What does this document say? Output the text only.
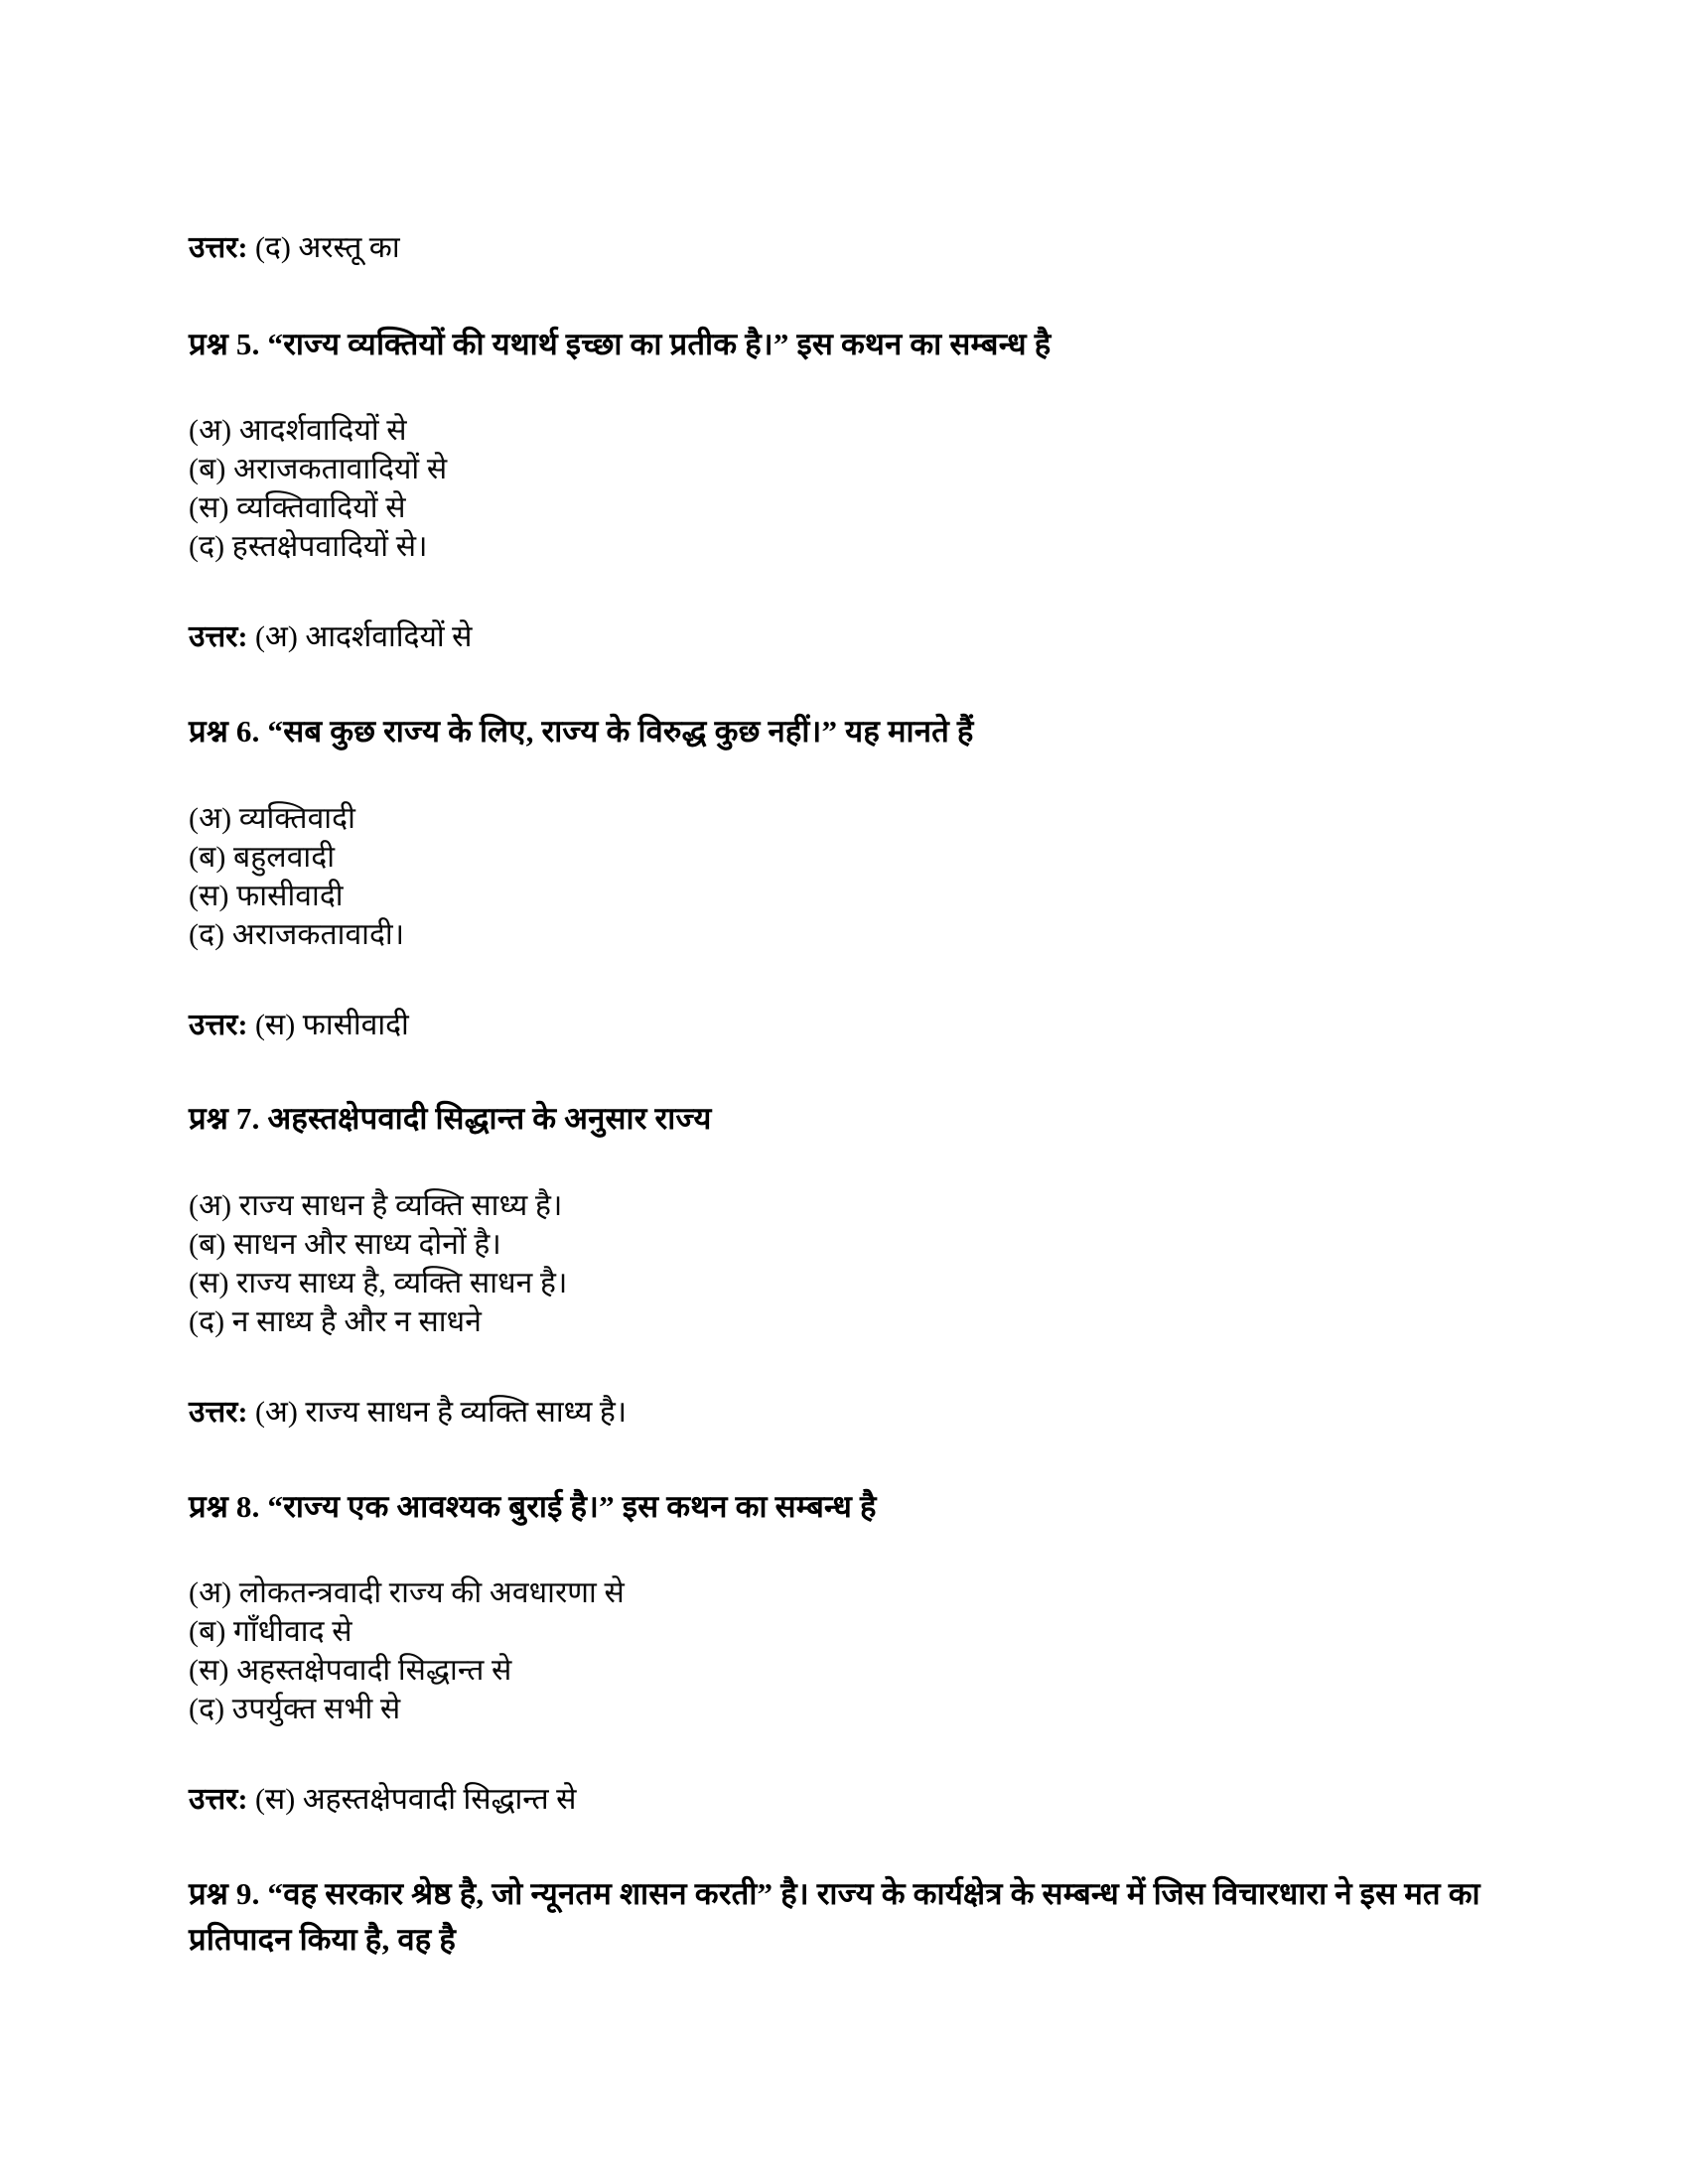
उत्तर: (द) अरस्तू का
प्रश्न 5. “राज्य व्यक्तियों की यथार्थ इच्छा का प्रतीक है।” इस कथन का सम्बन्ध है
(अ) आदर्शवादियों से
(ब) अराजकतावादियों से
(स) व्यक्तिवादियों से
(द) हस्तक्षेपवादियों से।
उत्तर: (अ) आदर्शवादियों से
प्रश्न 6. “सब कुछ राज्य के लिए, राज्य के विरुद्ध कुछ नहीं।” यह मानते हैं
(अ) व्यक्तिवादी
(ब) बहुलवादी
(स) फासीवादी
(द) अराजकतावादी।
उत्तर: (स) फासीवादी
प्रश्न 7. अहस्तक्षेपवादी सिद्धान्त के अनुसार राज्य
(अ) राज्य साधन है व्यक्ति साध्य है।
(ब) साधन और साध्य दोनों है।
(स) राज्य साध्य है, व्यक्ति साधन है।
(द) न साध्य है और न साधने
उत्तर: (अ) राज्य साधन है व्यक्ति साध्य है।
प्रश्न 8. “राज्य एक आवश्यक बुराई है।” इस कथन का सम्बन्ध है
(अ) लोकतन्त्रवादी राज्य की अवधारणा से
(ब) गाँधीवाद से
(स) अहस्तक्षेपवादी सिद्धान्त से
(द) उपर्युक्त सभी से
उत्तर: (स) अहस्तक्षेपवादी सिद्धान्त से
प्रश्न 9. “वह सरकार श्रेष्ठ है, जो न्यूनतम शासन करती” है। राज्य के कार्यक्षेत्र के सम्बन्ध में जिस विचारधारा ने इस मत का प्रतिपादन किया है, वह है
